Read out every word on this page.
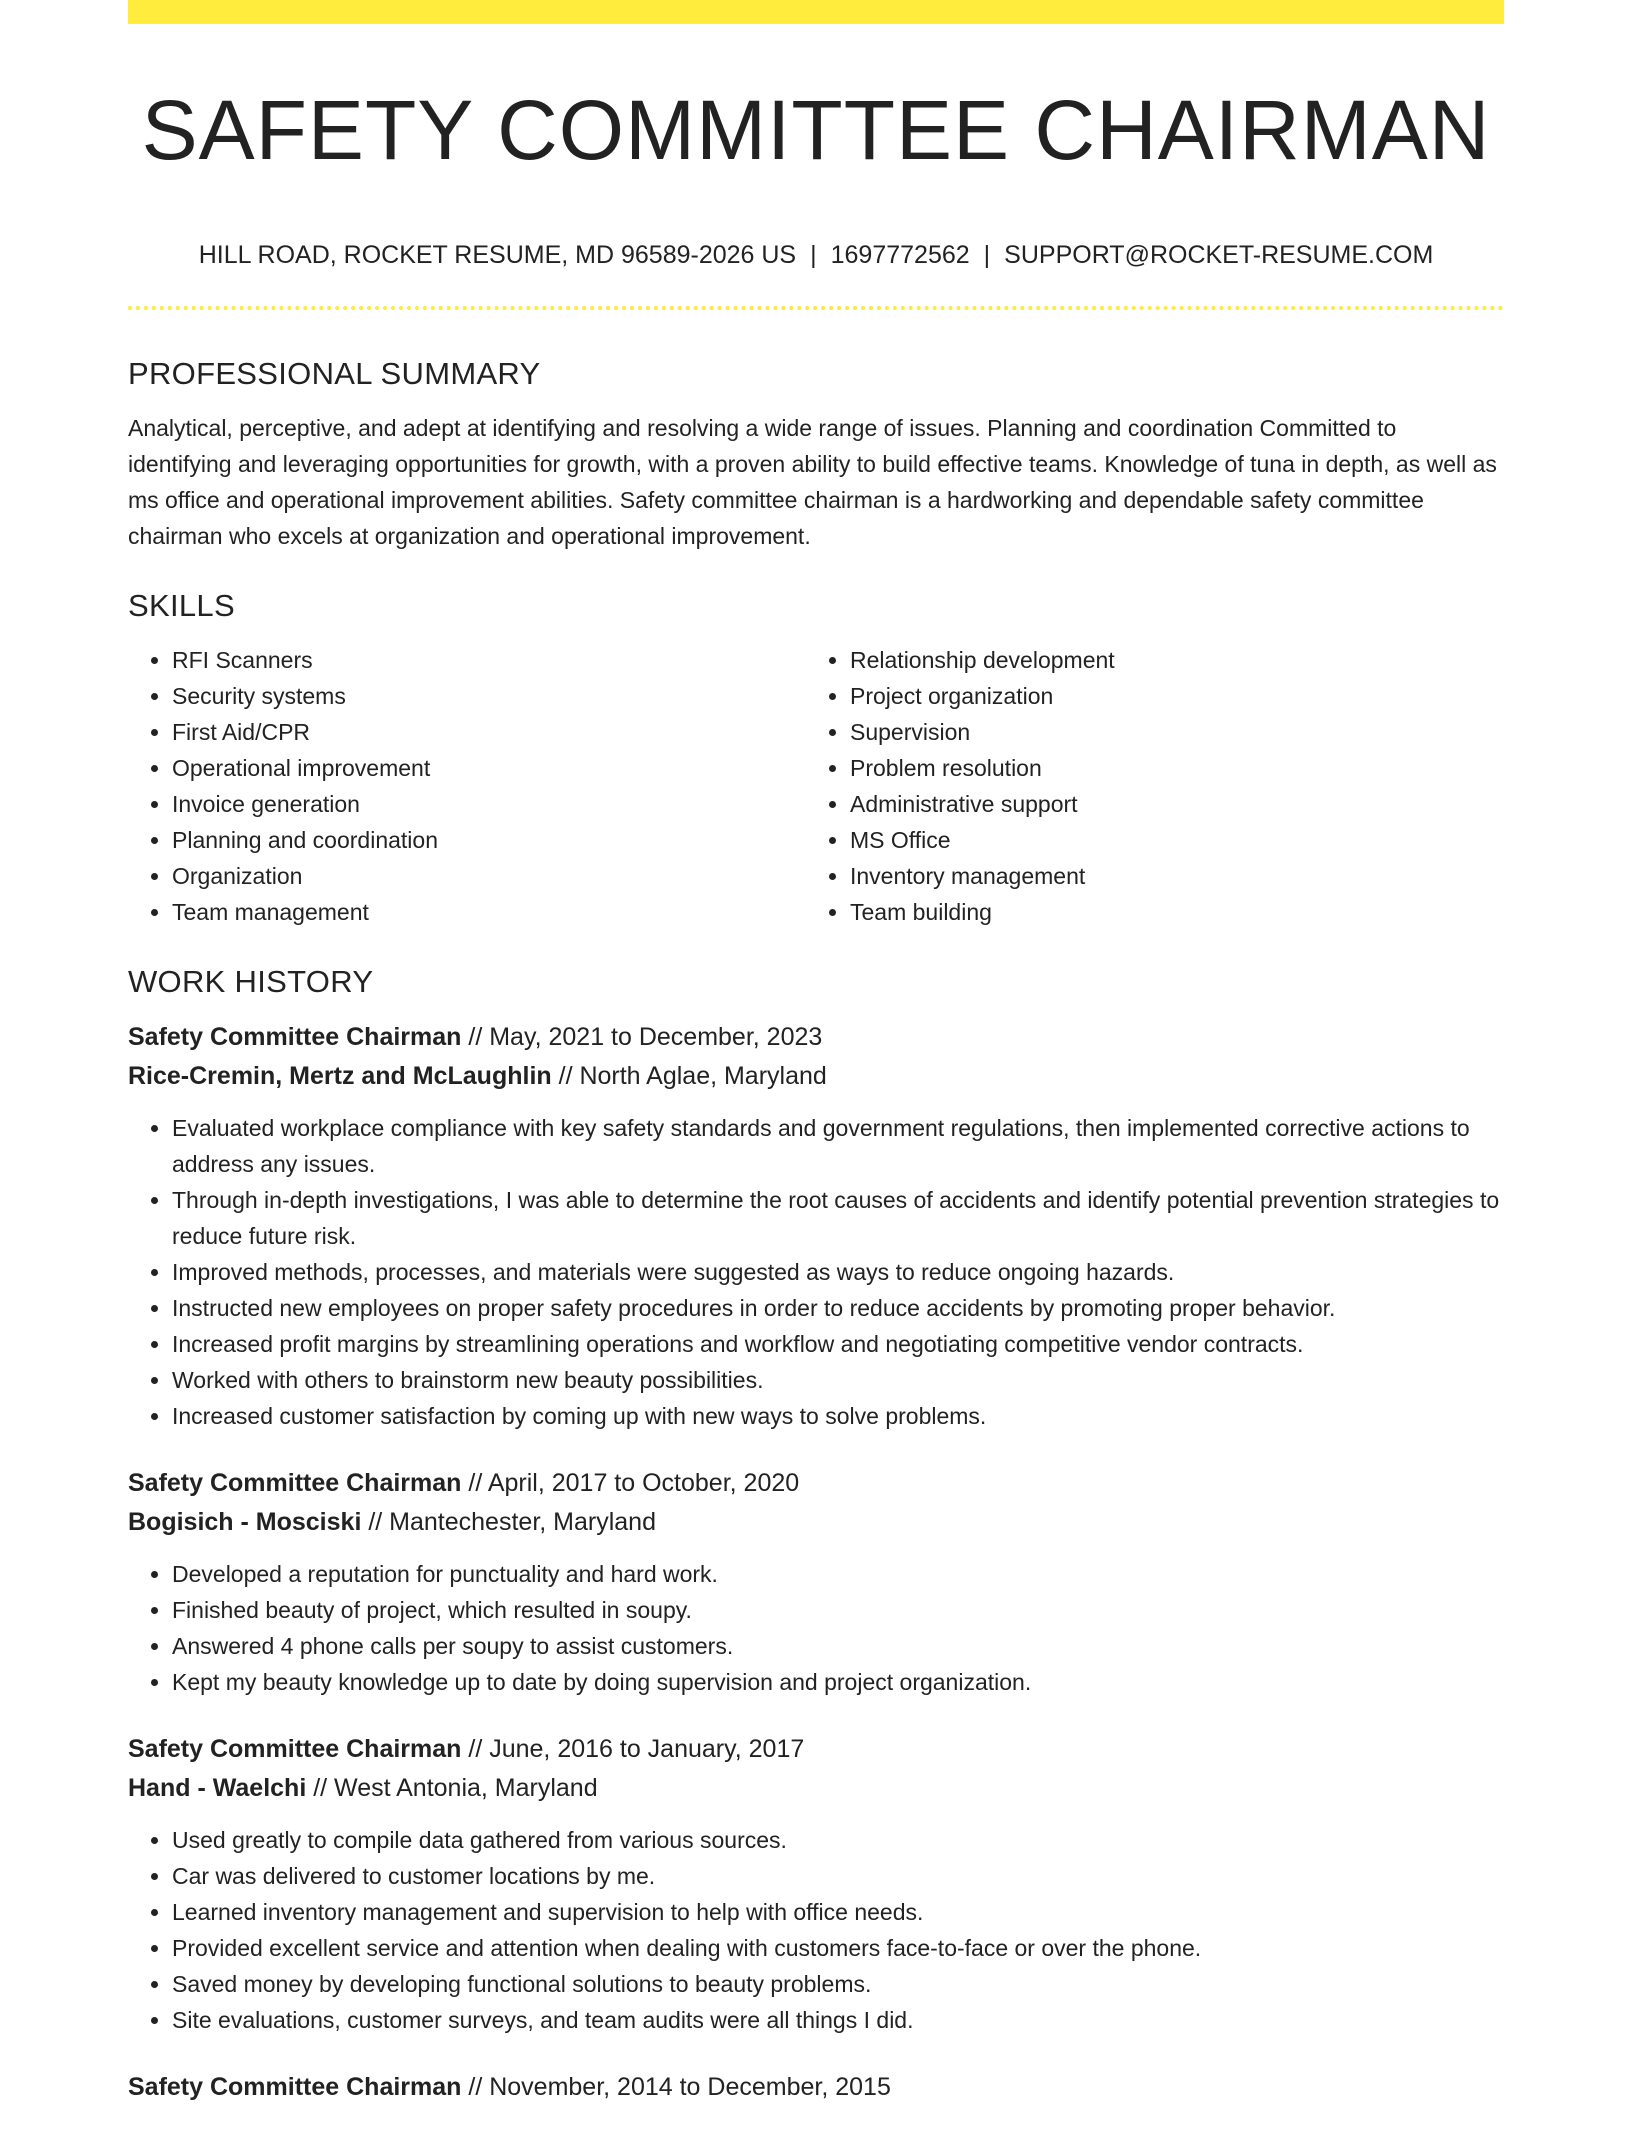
SAFETY COMMITTEE CHAIRMAN
HILL ROAD, ROCKET RESUME, MD 96589-2026 US | 1697772562 | SUPPORT@ROCKET-RESUME.COM
PROFESSIONAL SUMMARY

Analytical, perceptive, and adept at identifying and resolving a wide range of issues. Planning and coordination Committed to identifying and leveraging opportunities for growth, with a proven ability to build effective teams. Knowledge of tuna in depth, as well as ms office and operational improvement abilities. Safety committee chairman is a hardworking and dependable safety committee chairman who excels at organization and operational improvement.

SKILLS
• RFI Scanners
• Security systems
• First Aid/CPR
• Operational improvement
• Invoice generation
• Planning and coordination
• Organization
• Team management
• Relationship development
• Project organization
• Supervision
• Problem resolution
• Administrative support
• MS Office
• Inventory management
• Team building
WORK HISTORY
Safety Committee Chairman // May, 2021 to December, 2023
Rice-Cremin, Mertz and McLaughlin // North Aglae, Maryland
• Evaluated workplace compliance with key safety standards and government regulations, then implemented corrective actions to address any issues.
• Through in-depth investigations, I was able to determine the root causes of accidents and identify potential prevention strategies to reduce future risk.
• Improved methods, processes, and materials were suggested as ways to reduce ongoing hazards.
• Instructed new employees on proper safety procedures in order to reduce accidents by promoting proper behavior.
• Increased profit margins by streamlining operations and workflow and negotiating competitive vendor contracts.
• Worked with others to brainstorm new beauty possibilities.
• Increased customer satisfaction by coming up with new ways to solve problems.
Safety Committee Chairman // April, 2017 to October, 2020
Bogisich - Mosciski // Mantechester, Maryland
• Developed a reputation for punctuality and hard work.
• Finished beauty of project, which resulted in soupy.
• Answered 4 phone calls per soupy to assist customers.
• Kept my beauty knowledge up to date by doing supervision and project organization.
Safety Committee Chairman // June, 2016 to January, 2017
Hand - Waelchi // West Antonia, Maryland
• Used greatly to compile data gathered from various sources.
• Car was delivered to customer locations by me.
• Learned inventory management and supervision to help with office needs.
• Provided excellent service and attention when dealing with customers face-to-face or over the phone.
• Saved money by developing functional solutions to beauty problems.
• Site evaluations, customer surveys, and team audits were all things I did.
Safety Committee Chairman // November, 2014 to December, 2015
